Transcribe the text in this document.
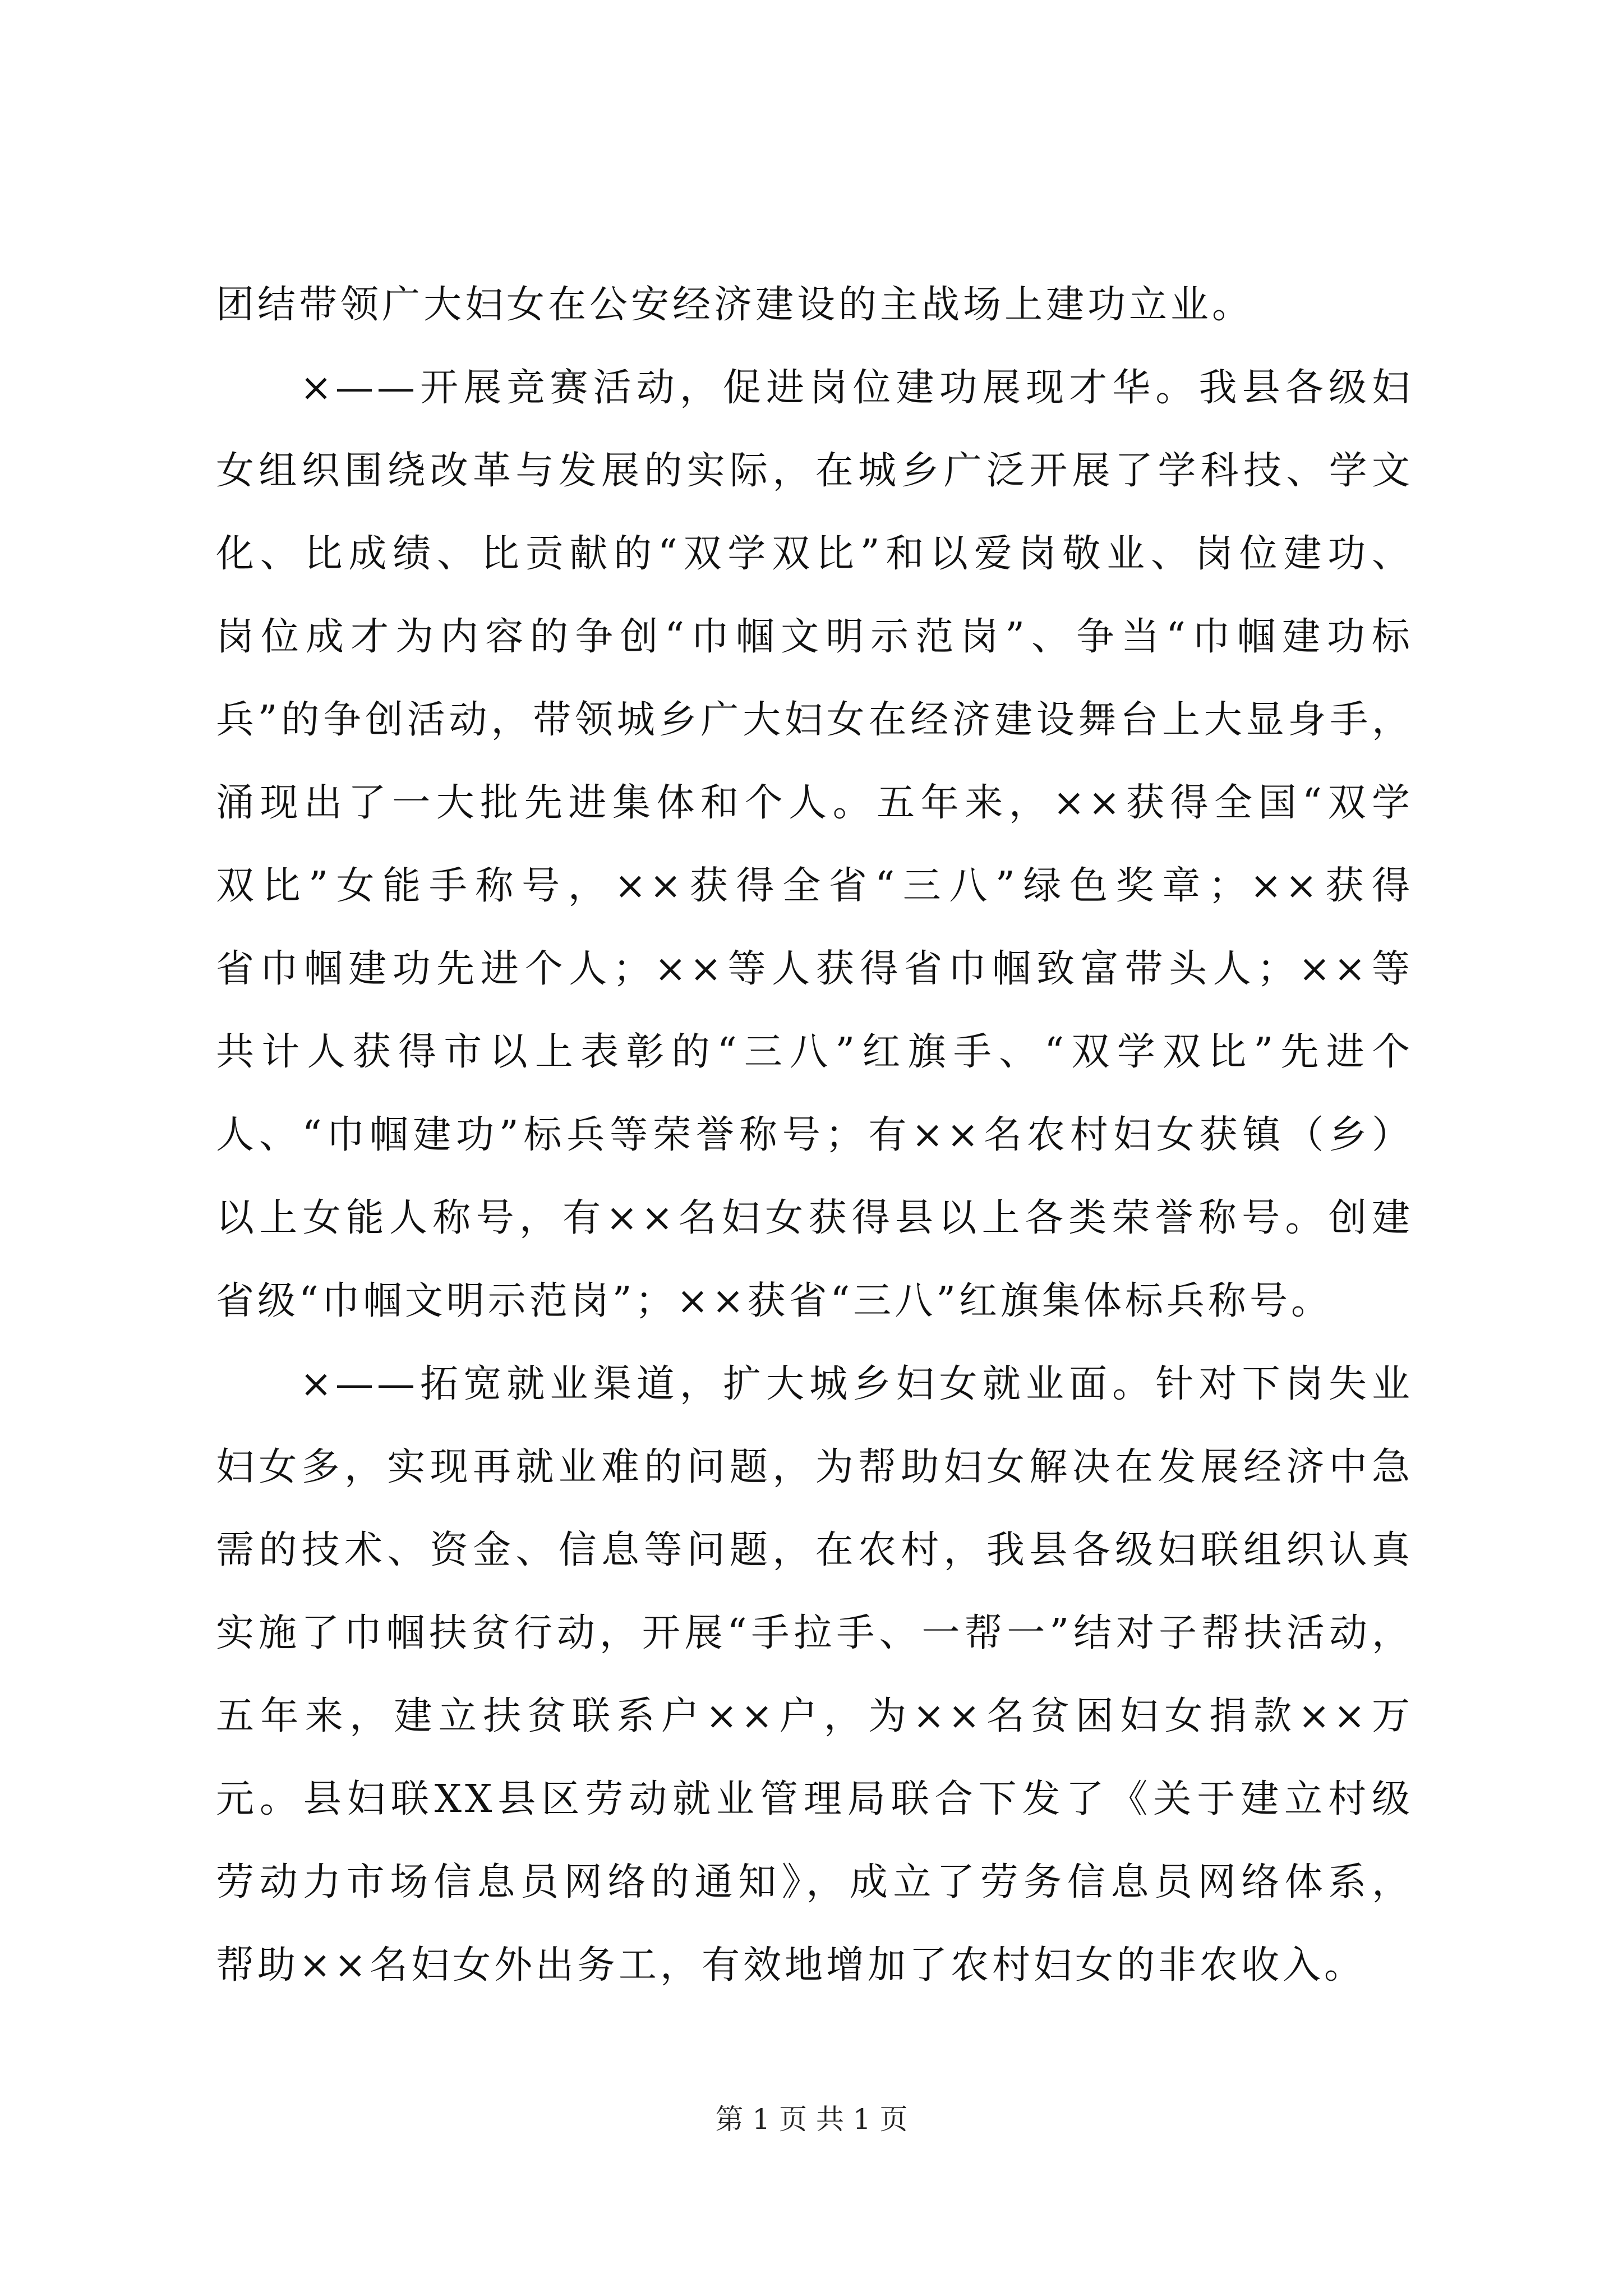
团结带领广大妇女在公安经济建设的主战场上建功立业。
×——开展竞赛活动，促进岗位建功展现才华。我县各级妇
女组织围绕改革与发展的实际，在城乡广泛开展了学科技、学文
化、比成绩、比贡献的“双学双比”和以爱岗敬业、岗位建功、
岗位成才为内容的争创“巾帼文明示范岗”、争当“巾帼建功标
兵”的争创活动，带领城乡广大妇女在经济建设舞台上大显身手，
涌现出了一大批先进集体和个人。五年来，××获得全国“双学
双比”女能手称号，××获得全省“三八”绿色奖章；××获得
省巾帼建功先进个人；××等人获得省巾帼致富带头人；××等
共计人获得市以上表彰的“三八”红旗手、“双学双比”先进个
人、“巾帼建功”标兵等荣誉称号；有××名农村妇女获镇（乡）
以上女能人称号，有××名妇女获得县以上各类荣誉称号。创建
省级“巾帼文明示范岗”；××获省“三八”红旗集体标兵称号。
×——拓宽就业渠道，扩大城乡妇女就业面。针对下岗失业
妇女多，实现再就业难的问题，为帮助妇女解决在发展经济中急
需的技术、资金、信息等问题，在农村，我县各级妇联组织认真
实施了巾帼扶贫行动，开展“手拉手、一帮一”结对子帮扶活动，
五年来，建立扶贫联系户××户，为××名贫困妇女捐款××万
元。县妇联XX县区劳动就业管理局联合下发了《关于建立村级
劳动力市场信息员网络的通知》，成立了劳务信息员网络体系，
帮助××名妇女外出务工，有效地增加了农村妇女的非农收入。
第 1 页 共 1 页
